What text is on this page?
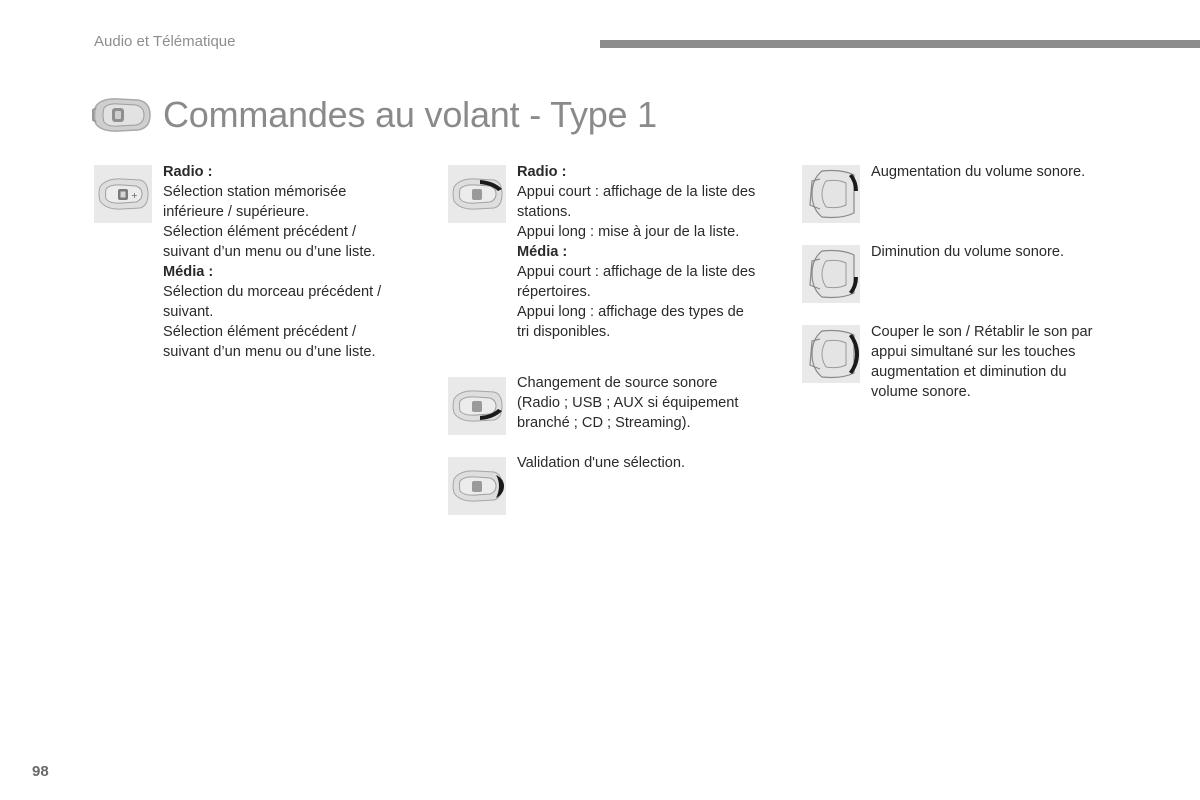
Audio et Télématique
Commandes au volant - Type 1
+
Radio :
Sélection station mémorisée
inférieure / supérieure.
Sélection élément précédent /
suivant d’un menu ou d’une liste.
Média :
Sélection du morceau précédent /
suivant.
Sélection élément précédent /
suivant d’un menu ou d’une liste.
Radio :
Appui court : affichage de la liste des
stations.
Appui long : mise à jour de la liste.
Média :
Appui court : affichage de la liste des
répertoires.
Appui long : affichage des types de
tri disponibles.
Changement de source sonore
(Radio ; USB ; AUX si équipement
branché ; CD ; Streaming).
Validation d'une sélection.
Augmentation du volume sonore.
Diminution du volume sonore.
Couper le son / Rétablir le son par
appui simultané sur les touches
augmentation et diminution du
volume sonore.
98
